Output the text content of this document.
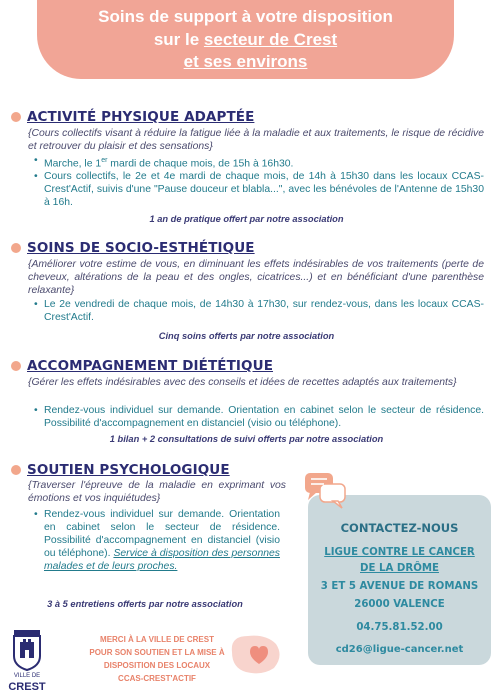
Soins de support à votre disposition
sur le secteur de Crest
et ses environs
ACTIVITÉ PHYSIQUE ADAPTÉE
{Cours collectifs visant à réduire la fatigue liée à la maladie et aux traitements, le risque de récidive et retrouver du plaisir et des sensations}
• Marche, le 1er mardi de chaque mois, de 15h à 16h30.
• Cours collectifs, le 2e et 4e mardi de chaque mois, de 14h à 15h30 dans les locaux CCAS-Crest'Actif, suivis d'une "Pause douceur et blabla...", avec les bénévoles de l'Antenne de 15h30 à 16h.
1 an de pratique offert par notre association
SOINS DE SOCIO-ESTHÉTIQUE
{Améliorer votre estime de vous, en diminuant les effets indésirables de vos traitements (perte de cheveux, altérations de la peau et des ongles, cicatrices...) et en bénéficiant d'une parenthèse relaxante}
• Le 2e vendredi de chaque mois, de 14h30 à 17h30, sur rendez-vous, dans les locaux CCAS-Crest'Actif.
Cinq soins offerts par notre association
ACCOMPAGNEMENT DIÉTÉTIQUE
{Gérer les effets indésirables avec des conseils et idées de recettes adaptés aux traitements}
• Rendez-vous individuel sur demande. Orientation en cabinet selon le secteur de résidence. Possibilité d'accompagnement en distanciel (visio ou téléphone).
1 bilan + 2 consultations de suivi offerts par notre association
SOUTIEN PSYCHOLOGIQUE
{Traverser l'épreuve de la maladie en exprimant vos émotions et vos inquiétudes}
• Rendez-vous individuel sur demande. Orientation en cabinet selon le secteur de résidence. Possibilité d'accompagnement en distanciel (visio ou téléphone). Service à disposition des personnes malades et de leurs proches.
3 à 5 entretiens offerts par notre association
CONTACTEZ-NOUS
LIGUE CONTRE LE CANCER
DE LA DRÔME
3 ET 5 AVENUE DE ROMANS
26000 VALENCE
04.75.81.52.00
cd26@ligue-cancer.net
VILLE DE
CREST
MERCI À LA VILLE DE CREST
POUR SON SOUTIEN ET LA MISE À
DISPOSITION DES LOCAUX
CCAS-CREST'ACTIF
